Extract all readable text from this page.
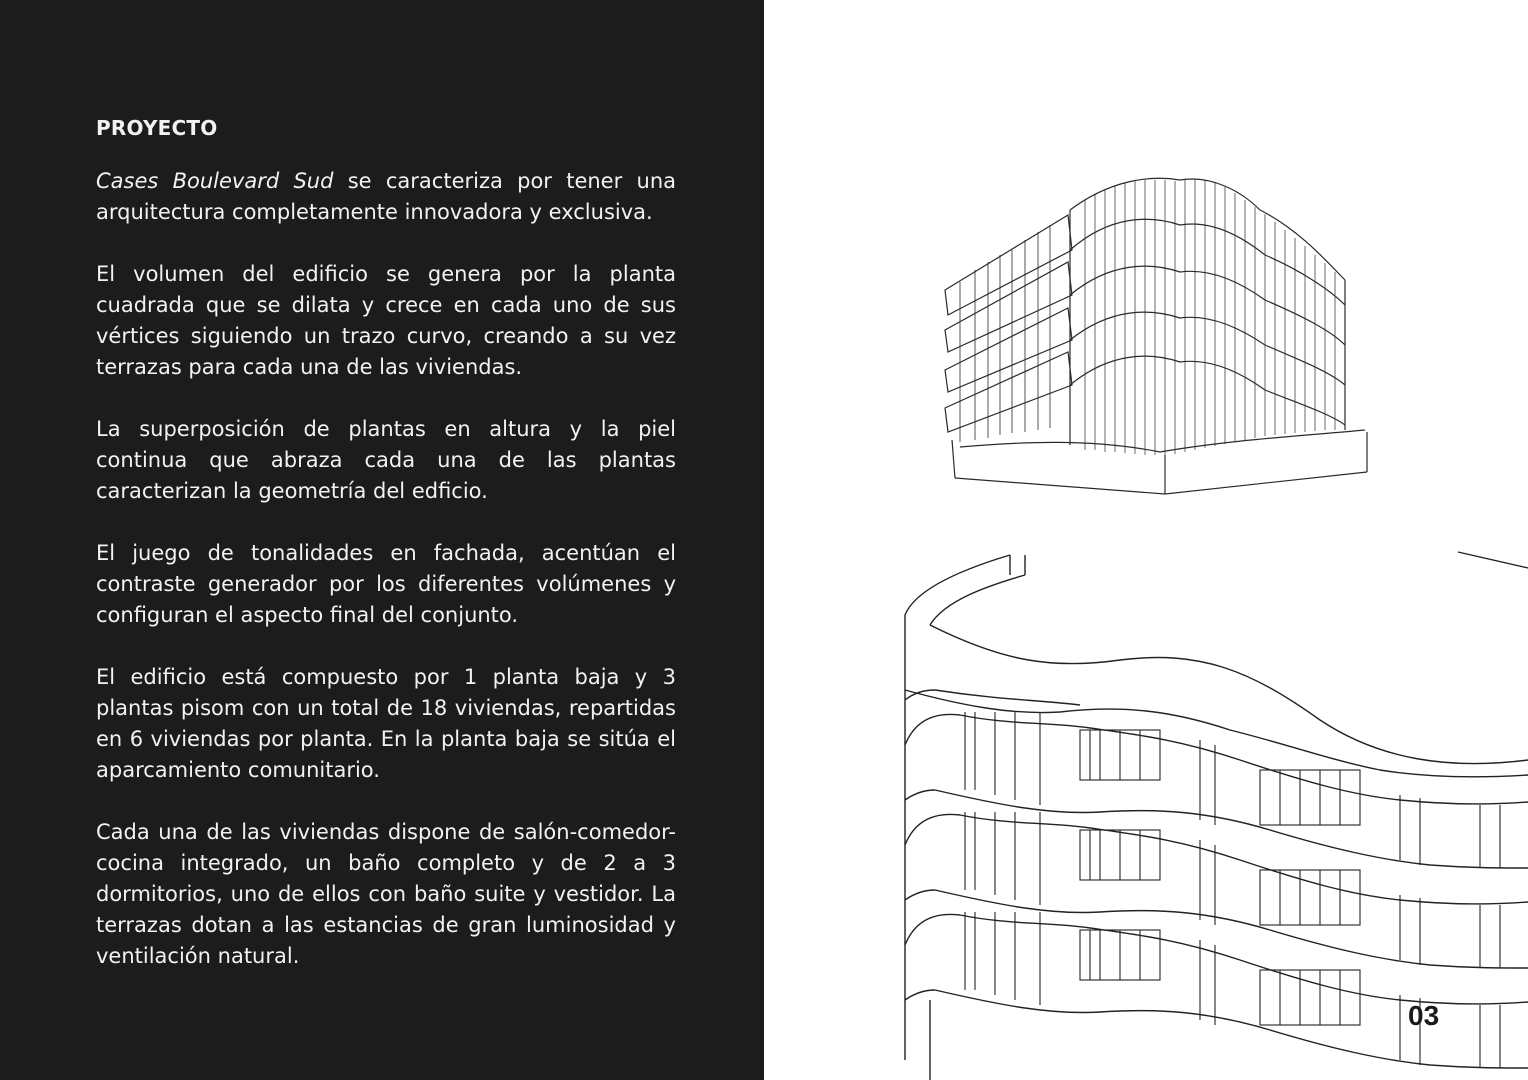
PROYECTO

Cases Boulevard Sud se caracteriza por tener una arquitectura completamente innovadora y exclusiva.

El volumen del edificio se genera por la planta cuadrada que se dilata y crece en cada uno de sus vértices siguiendo un trazo curvo, creando a su vez terrazas para cada una de las viviendas.

La superposición de plantas en altura y la piel continua que abraza cada una de las plantas caracterizan la geometría del edficio.

El juego de tonalidades en fachada, acentúan el contraste generador por los diferentes volúmenes y configuran el aspecto final del conjunto.

El edificio está compuesto por 1 planta baja y 3 plantas pisom con un total de 18 viviendas, repartidas en 6 viviendas por planta. En la planta baja se sitúa el aparcamiento comunitario.

Cada una de las viviendas dispone de salón-comedor-cocina integrado, un baño completo y de 2 a 3 dormitorios, uno de ellos con baño suite y vestidor. La terrazas dotan a las estancias de gran luminosidad y ventilación natural.

03
